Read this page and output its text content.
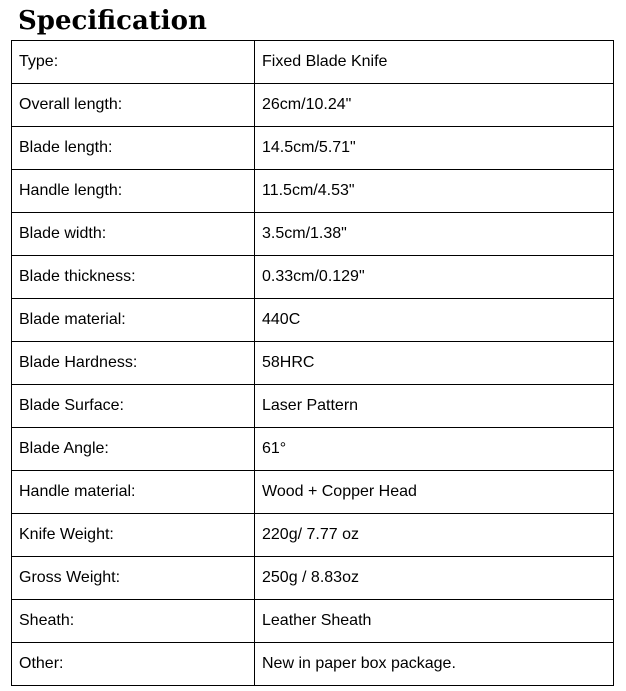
Specification
Type:	Fixed Blade Knife
Overall length:	26cm/10.24"
Blade length:	14.5cm/5.71"
Handle length:	11.5cm/4.53"
Blade width:	3.5cm/1.38"
Blade thickness:	0.33cm/0.129"
Blade material:	440C
Blade Hardness:	58HRC
Blade Surface:	Laser Pattern
Blade Angle:	61°
Handle material:	Wood + Copper Head
Knife Weight:	220g/ 7.77 oz
Gross Weight:	250g / 8.83oz
Sheath:	Leather Sheath
Other:	New in paper box package.
